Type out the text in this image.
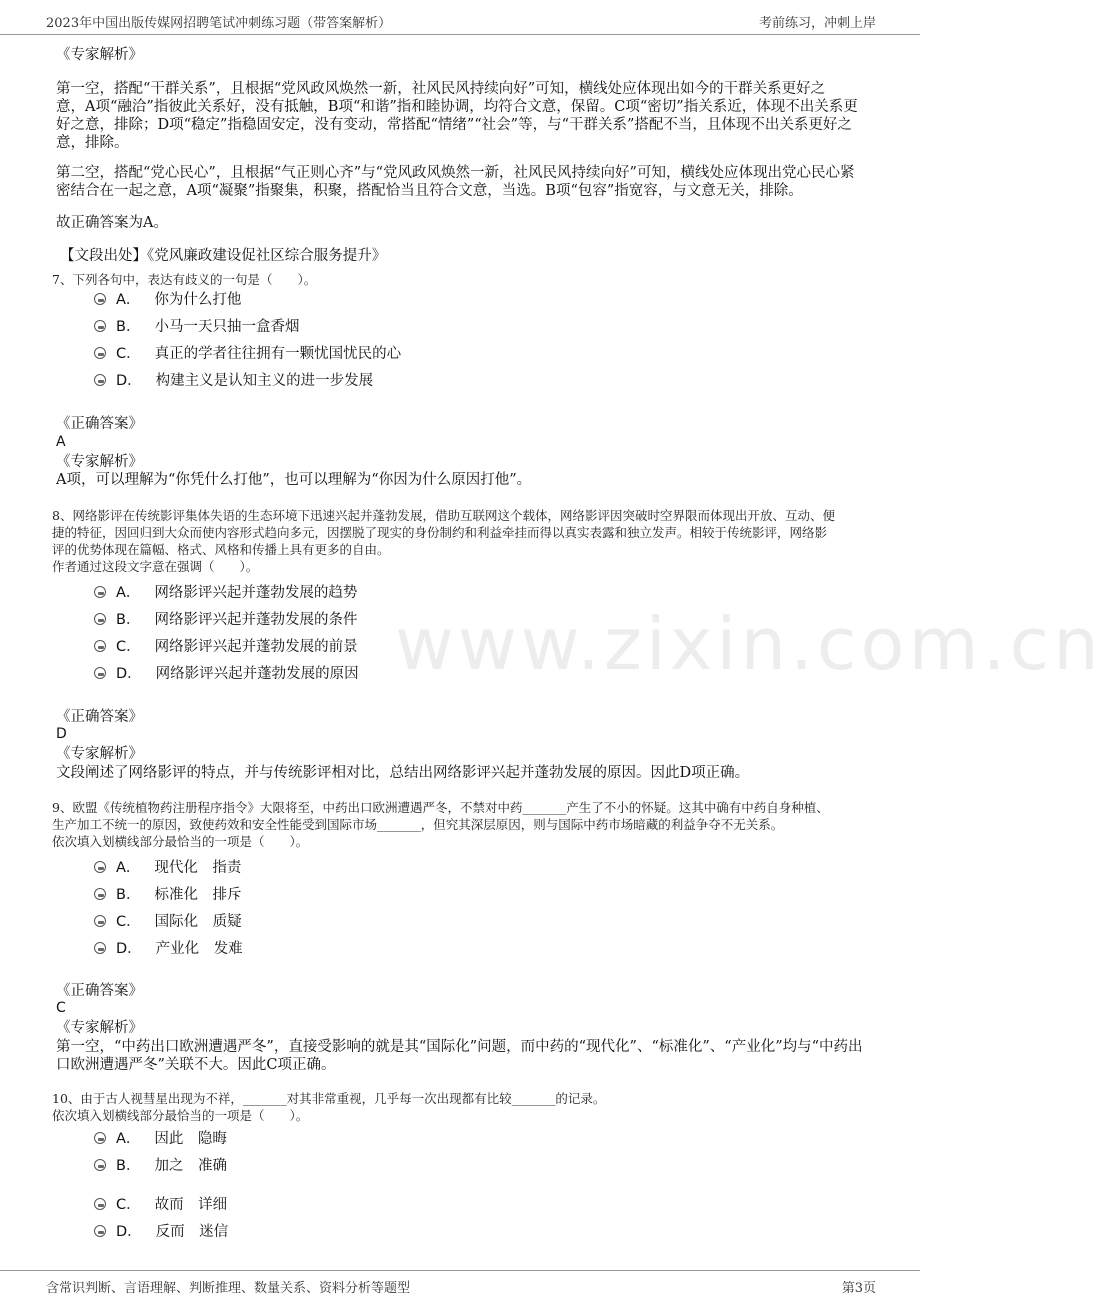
2023年中国出版传媒网招聘笔试冲刺练习题（带答案解析）	考前练习，冲刺上岸
www.zixin.com.cn
《专家解析》
第一空，搭配“干群关系”，且根据“党风政风焕然一新，社风民风持续向好”可知，横线处应体现出如今的干群关系更好之
意，A项“融洽”指彼此关系好，没有抵触，B项“和谐”指和睦协调，均符合文意，保留。C项“密切”指关系近，体现不出关系更
好之意，排除；D项“稳定”指稳固安定，没有变动，常搭配“情绪”“社会”等，与“干群关系”搭配不当，且体现不出关系更好之
意，排除。
第二空，搭配“党心民心”，且根据“气正则心齐”与“党风政风焕然一新，社风民风持续向好”可知，横线处应体现出党心民心紧
密结合在一起之意，A项“凝聚”指聚集，积聚，搭配恰当且符合文意，当选。B项“包容”指宽容，与文意无关，排除。
故正确答案为A。
【文段出处】《党风廉政建设促社区综合服务提升》
7、下列各句中，表达有歧义的一句是（　　）。
A． 你为什么打他
B． 小马一天只抽一盒香烟
C． 真正的学者往往拥有一颗忧国忧民的心
D． 构建主义是认知主义的进一步发展
《正确答案》
A
《专家解析》
A项，可以理解为“你凭什么打他”，也可以理解为“你因为什么原因打他”。
8、网络影评在传统影评集体失语的生态环境下迅速兴起并蓬勃发展，借助互联网这个载体，网络影评因突破时空界限而体现出开放、互动、便
捷的特征，因回归到大众而使内容形式趋向多元，因摆脱了现实的身份制约和利益牵挂而得以真实表露和独立发声。相较于传统影评，网络影
评的优势体现在篇幅、格式、风格和传播上具有更多的自由。
作者通过这段文字意在强调（　　）。
A． 网络影评兴起并蓬勃发展的趋势
B． 网络影评兴起并蓬勃发展的条件
C． 网络影评兴起并蓬勃发展的前景
D． 网络影评兴起并蓬勃发展的原因
《正确答案》
D
《专家解析》
文段阐述了网络影评的特点，并与传统影评相对比，总结出网络影评兴起并蓬勃发展的原因。因此D项正确。
9、欧盟《传统植物药注册程序指令》大限将至，中药出口欧洲遭遇严冬，不禁对中药_______产生了不小的怀疑。这其中确有中药自身种植、
生产加工不统一的原因，致使药效和安全性能受到国际市场_______，但究其深层原因，则与国际中药市场暗藏的利益争夺不无关系。
依次填入划横线部分最恰当的一项是（　　）。
A． 现代化　指责
B． 标准化　排斥
C． 国际化　质疑
D． 产业化　发难
《正确答案》
C
《专家解析》
第一空，“中药出口欧洲遭遇严冬”，直接受影响的就是其“国际化”问题，而中药的“现代化”、“标准化”、“产业化”均与“中药出
口欧洲遭遇严冬”关联不大。因此C项正确。
10、由于古人视彗星出现为不祥，_______对其非常重视，几乎每一次出现都有比较_______的记录。
依次填入划横线部分最恰当的一项是（　　）。
A． 因此　隐晦
B． 加之　准确
C． 故而　详细
D． 反而　迷信
含常识判断、言语理解、判断推理、数量关系、资料分析等题型	第3页
